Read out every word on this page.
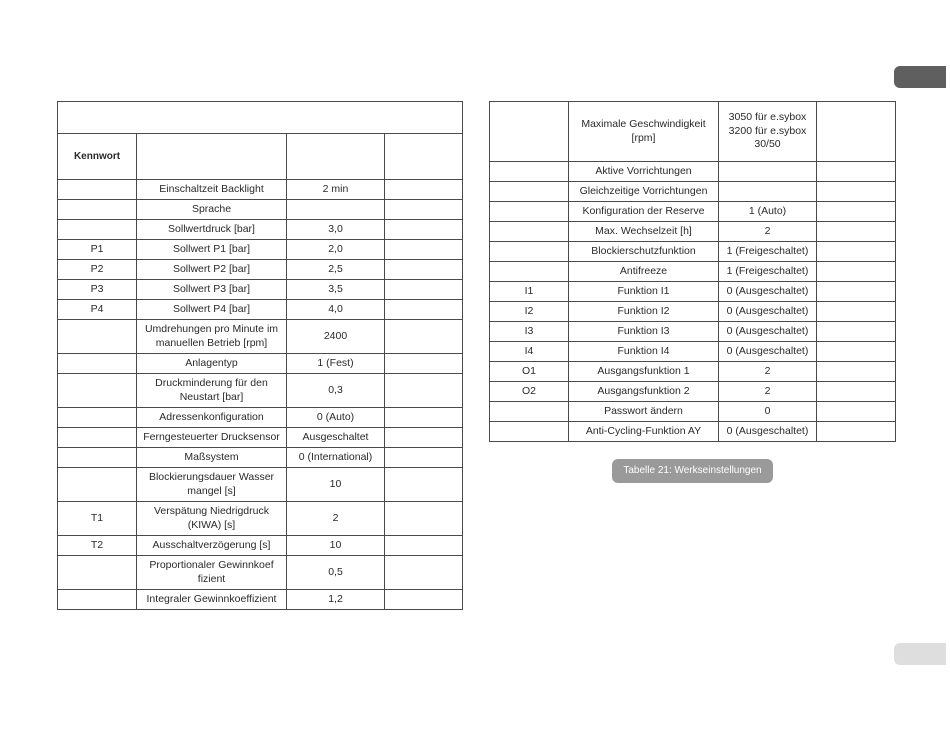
Kennwort			
	Einschaltzeit Backlight	2 min	
	Sprache		
	Sollwertdruck [bar]	3,0	
P1	Sollwert P1 [bar]	2,0	
P2	Sollwert P2 [bar]	2,5	
P3	Sollwert P3 [bar]	3,5	
P4	Sollwert P4 [bar]	4,0	
	Umdrehungen pro Minute im manuellen Betrieb [rpm]	2400	
	Anlagentyp	1 (Fest)	
	Druckminderung für den Neustart [bar]	0,3	
	Adressenkonfiguration	0 (Auto)	
	Ferngesteuerter Drucksensor	Ausgeschaltet	
	Maßsystem	0 (International)	
	Blockierungsdauer Wasser mangel [s]	10	
T1	Verspätung Niedrigdruck (KIWA) [s]	2	
T2	Ausschaltverzögerung [s]	10	
	Proportionaler Gewinnkoef fizient	0,5	
	Integraler Gewinnkoeffizient	1,2	
	Maximale Geschwindigkeit [rpm]	3050 für e.sybox 3200 für e.sybox 30/50	
	Aktive Vorrichtungen		
	Gleichzeitige Vorrichtungen		
	Konfiguration der Reserve	1 (Auto)	
	Max. Wechselzeit [h]	2	
	Blockierschutzfunktion	1 (Freigeschaltet)	
	Antifreeze	1 (Freigeschaltet)	
I1	Funktion I1	0 (Ausgeschaltet)	
I2	Funktion I2	0 (Ausgeschaltet)	
I3	Funktion I3	0 (Ausgeschaltet)	
I4	Funktion I4	0 (Ausgeschaltet)	
O1	Ausgangsfunktion 1	2	
O2	Ausgangsfunktion 2	2	
	Passwort ändern	0	
	Anti-Cycling-Funktion AY	0 (Ausgeschaltet)	
Tabelle 21: Werkseinstellungen
